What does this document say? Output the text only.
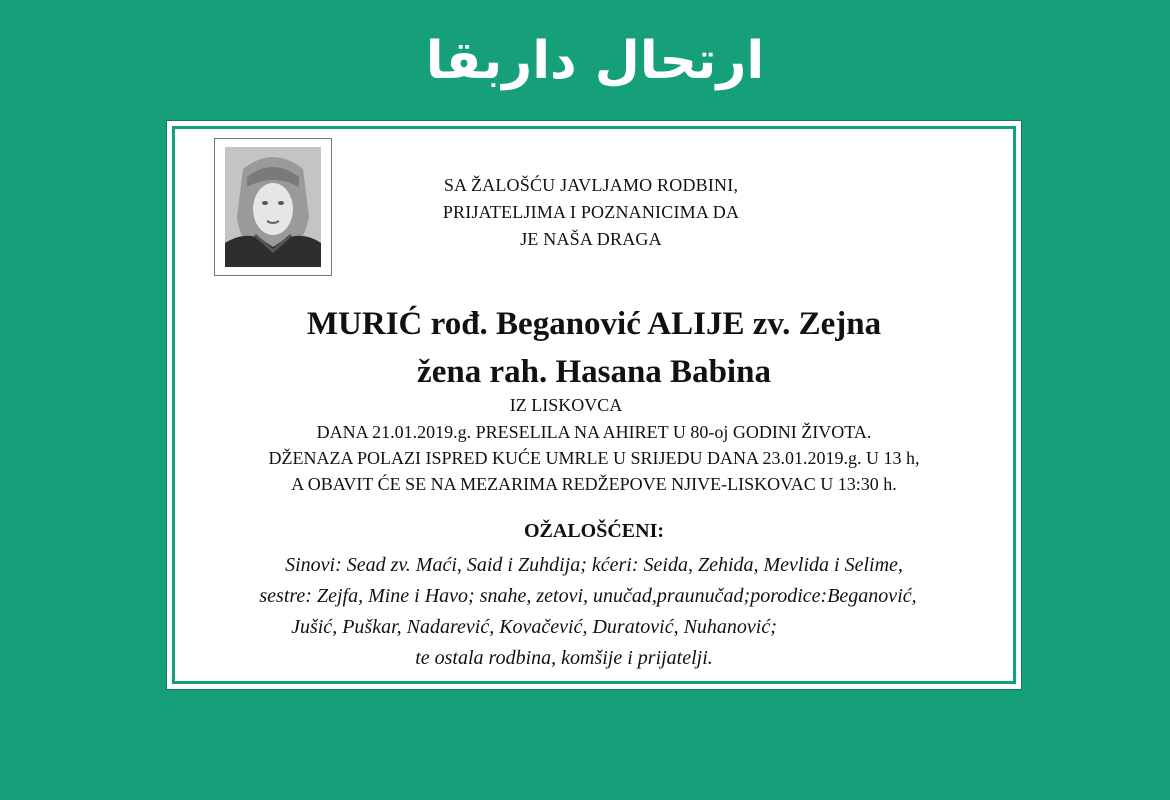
ارتحال داربقا
SA ŽALOŠĆU JAVLJAMO RODBINI,
PRIJATELJIMA I POZNANICIMA DA
JE NAŠA DRAGA
MURIĆ rođ. Beganović ALIJE zv. Zejna
žena rah. Hasana Babina
IZ LISKOVCA
DANA 21.01.2019.g. PRESELILA NA AHIRET U 80-oj GODINI ŽIVOTA.
DŽENAZA POLAZI ISPRED KUĆE UMRLE U SRIJEDU DANA 23.01.2019.g. U 13 h,
A OBAVIT ĆE SE NA MEZARIMA REDŽEPOVE NJIVE-LISKOVAC U 13:30 h.
OŽALOŠĆENI:
Sinovi: Sead zv. Maći, Said i Zuhdija; kćeri: Seida, Zehida, Mevlida i Selime,
sestre: Zejfa, Mine i Havo; snahe, zetovi, unučad,praunučad;porodice:Beganović,
Jušić, Puškar, Nadarević, Kovačević, Duratović, Nuhanović;
te ostala rodbina, komšije i prijatelji.
